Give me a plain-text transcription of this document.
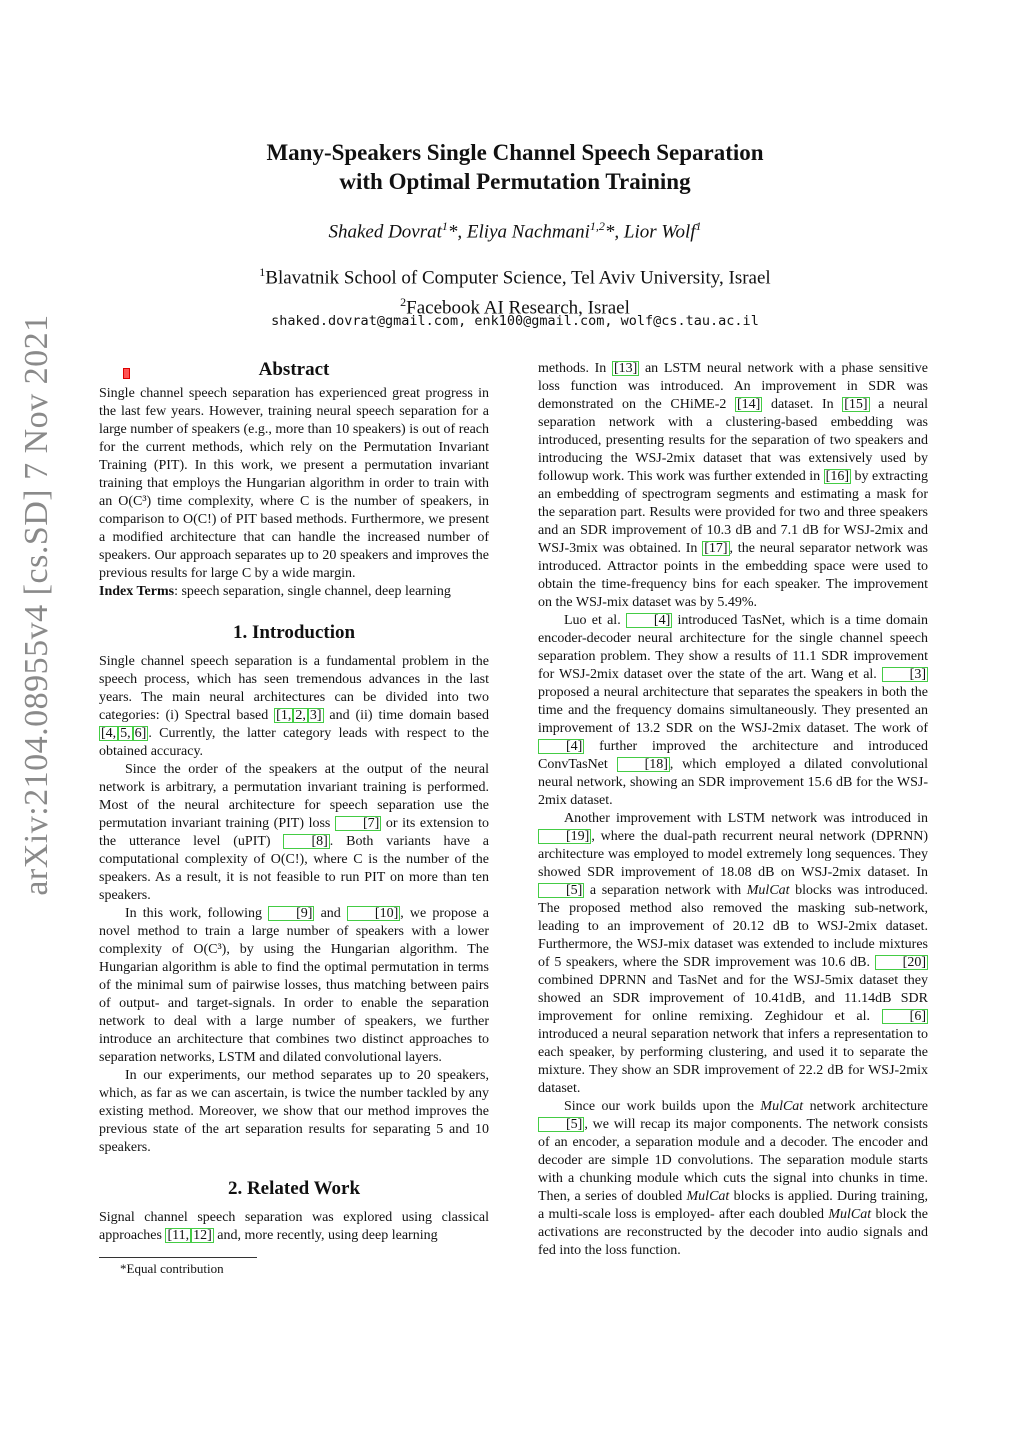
arXiv:2104.08955v4 [cs.SD] 7 Nov 2021
Many-Speakers Single Channel Speech Separation
with Optimal Permutation Training
Shaked Dovrat$^1$*, Eliya Nachmani$^{1,2}$*, Lior Wolf$^1$
$^1$Blavatnik School of Computer Science, Tel Aviv University, Israel
$^2$Facebook AI Research, Israel
shaked.dovrat@gmail.com, enk100@gmail.com, wolf@cs.tau.ac.il
Abstract

Single channel speech separation has experienced great progress in the last few years. However, training neural speech separation for a large number of speakers (e.g., more than 10 speakers) is out of reach for the current methods, which rely on the Permutation Invariant Training (PIT). In this work, we present a permutation invariant training that employs the Hungarian algorithm in order to train with an O(C³) time complexity, where C is the number of speakers, in comparison to O(C!) of PIT based methods. Furthermore, we present a modified architecture that can handle the increased number of speakers. Our approach separates up to 20 speakers and improves the previous results for large C by a wide margin.

Index Terms: speech separation, single channel, deep learning

1. Introduction

Single channel speech separation is a fundamental problem in the speech process, which has seen tremendous advances in the last years. The main neural architectures can be divided into two categories: (i) Spectral based [1, 2, 3] and (ii) time domain based [4, 5, 6] . Currently, the latter category leads with respect to the obtained accuracy.

Since the order of the speakers at the output of the neural network is arbitrary, a permutation invariant training is performed. Most of the neural architecture for speech separation use the permutation invariant training (PIT) loss [7] or its extension to the utterance level (uPIT) [8] . Both variants have a computational complexity of O(C!), where C is the number of the speakers. As a result, it is not feasible to run PIT on more than ten speakers.

In this work, following [9] and [10] , we propose a novel method to train a large number of speakers with a lower complexity of O(C³), by using the Hungarian algorithm. The Hungarian algorithm is able to find the optimal permutation in terms of the minimal sum of pairwise losses, thus matching between pairs of output- and target-signals. In order to enable the separation network to deal with a large number of speakers, we further introduce an architecture that combines two distinct approaches to separation networks, LSTM and dilated convolutional layers.

In our experiments, our method separates up to 20 speakers, which, as far as we can ascertain, is twice the number tackled by any existing method. Moreover, we show that our method improves the previous state of the art separation results for separating 5 and 10 speakers.

2. Related Work

Signal channel speech separation was explored using classical approaches [11, 12] and, more recently, using deep learning

methods. In [13] an LSTM neural network with a phase sensitive loss function was introduced. An improvement in SDR was demonstrated on the CHiME-2 [14] dataset. In [15] a neural separation network with a clustering-based embedding was introduced, presenting results for the separation of two speakers and introducing the WSJ-2mix dataset that was extensively used by followup work. This work was further extended in [16] by extracting an embedding of spectrogram segments and estimating a mask for the separation part. Results were provided for two and three speakers and an SDR improvement of 10.3 dB and 7.1 dB for WSJ-2mix and WSJ-3mix was obtained. In [17] , the neural separator network was introduced. Attractor points in the embedding space were used to obtain the time-frequency bins for each speaker. The improvement on the WSJ-mix dataset was by 5.49%.

Luo et al. [4] introduced TasNet, which is a time domain encoder-decoder neural architecture for the single channel speech separation problem. They show a results of 11.1 SDR improvement for WSJ-2mix dataset over the state of the art. Wang et al. [3] proposed a neural architecture that separates the speakers in both the time and the frequency domains simultaneously. They presented an improvement of 13.2 SDR on the WSJ-2mix dataset. The work of [4] further improved the architecture and introduced ConvTasNet [18] , which employed a dilated convolutional neural network, showing an SDR improvement 15.6 dB for the WSJ-2mix dataset.

Another improvement with LSTM network was introduced in [19] , where the dual-path recurrent neural network (DPRNN) architecture was employed to model extremely long sequences. They showed SDR improvement of 18.08 dB on WSJ-2mix dataset. In [5] a separation network with MulCat blocks was introduced. The proposed method also removed the masking sub-network, leading to an improvement of 20.12 dB to WSJ-2mix dataset. Furthermore, the WSJ-mix dataset was extended to include mixtures of 5 speakers, where the SDR improvement was 10.6 dB. [20] combined DPRNN and TasNet and for the WSJ-5mix dataset they showed an SDR improvement of 10.41dB, and 11.14dB SDR improvement for online remixing. Zeghidour et al. [6] introduced a neural separation network that infers a representation to each speaker, by performing clustering, and used it to separate the mixture. They show an SDR improvement of 22.2 dB for WSJ-2mix dataset.

Since our work builds upon the MulCat network architecture [5] , we will recap its major components. The network consists of an encoder, a separation module and a decoder. The encoder and decoder are simple 1D convolutions. The separation module starts with a chunking module which cuts the signal into chunks in time. Then, a series of doubled MulCat blocks is applied. During training, a multi-scale loss is employed- after each doubled MulCat block the activations are reconstructed by the decoder into audio signals and fed into the loss function.

*Equal contribution
